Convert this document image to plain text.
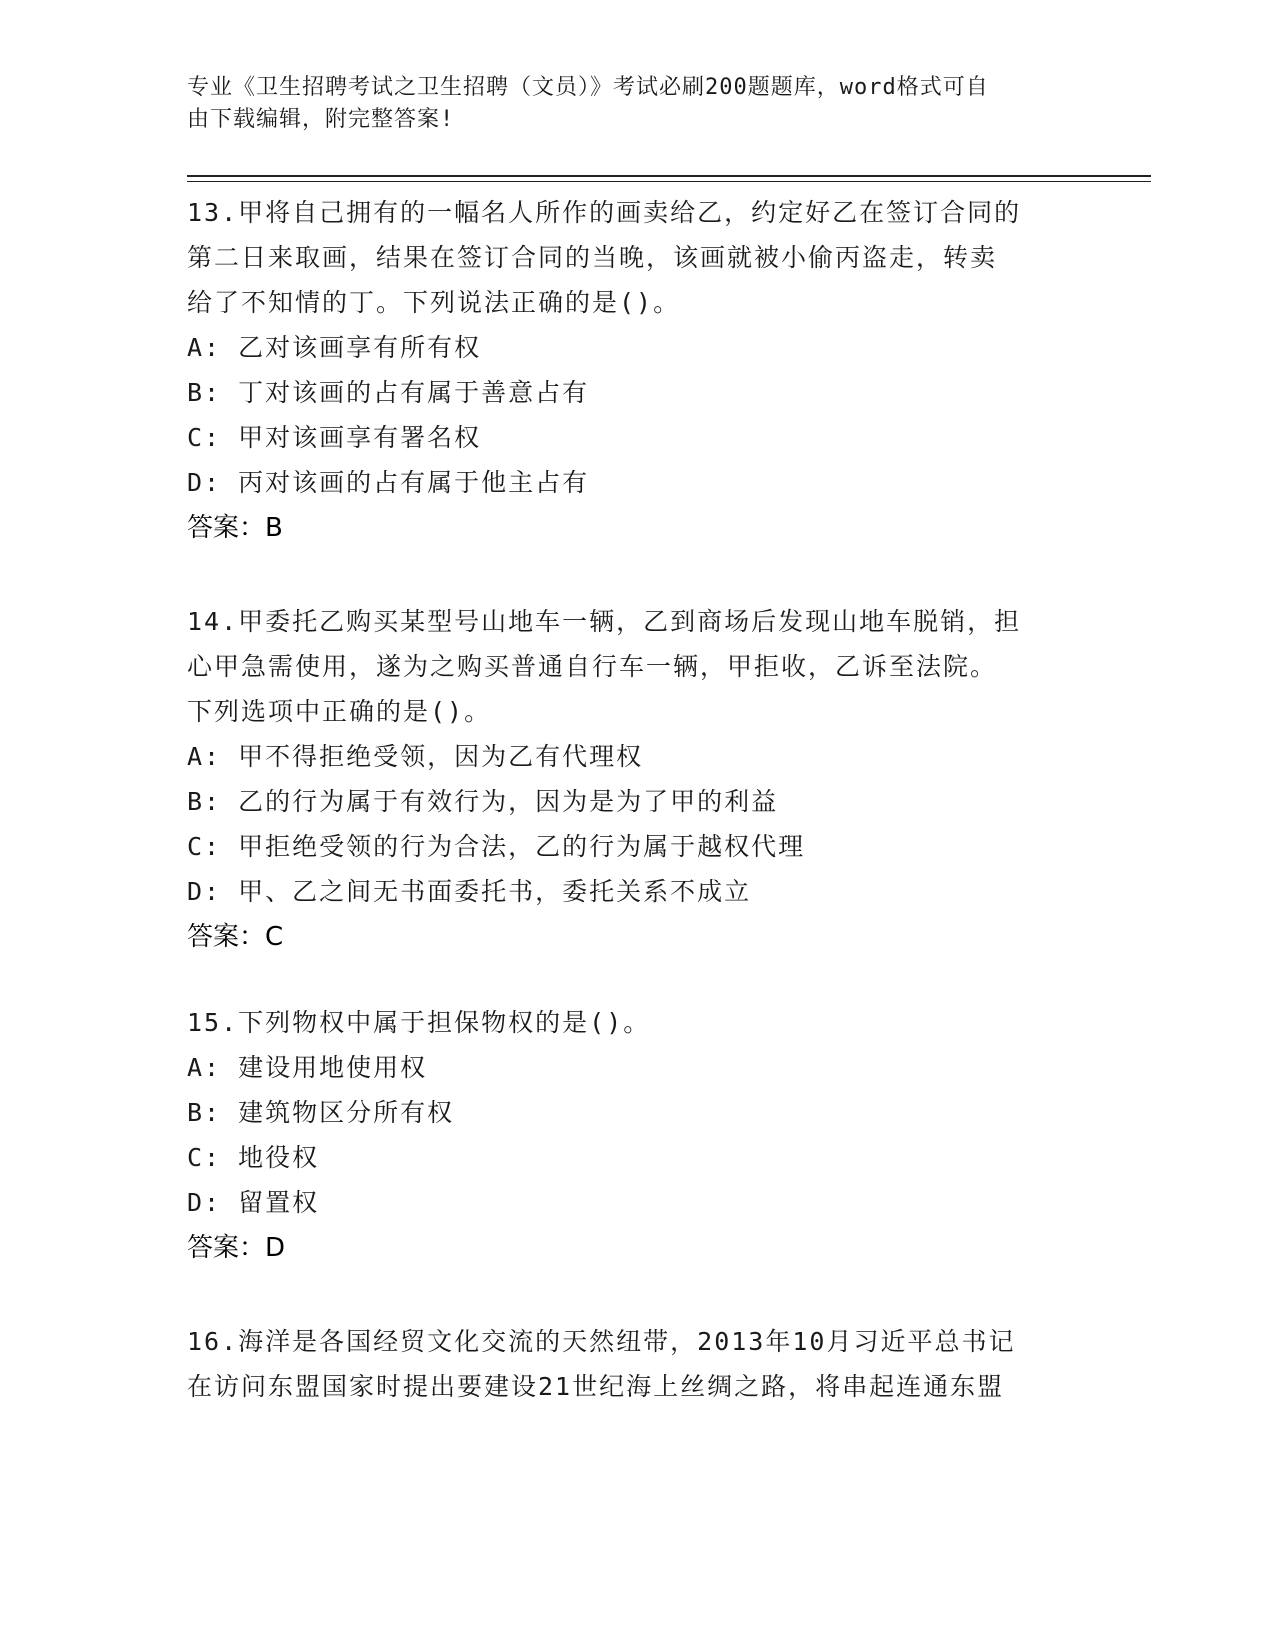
专业《卫生招聘考试之卫生招聘（文员）》考试必刷200题题库，word格式可自
由下载编辑，附完整答案!

13.甲将自己拥有的一幅名人所作的画卖给乙，约定好乙在签订合同的

第二日来取画，结果在签订合同的当晚，该画就被小偷丙盗走，转卖

给了不知情的丁。下列说法正确的是()。

A: 乙对该画享有所有权

B: 丁对该画的占有属于善意占有

C: 甲对该画享有署名权

D: 丙对该画的占有属于他主占有

答案：B

14.甲委托乙购买某型号山地车一辆，乙到商场后发现山地车脱销，担

心甲急需使用，遂为之购买普通自行车一辆，甲拒收，乙诉至法院。

下列选项中正确的是()。

A: 甲不得拒绝受领，因为乙有代理权

B: 乙的行为属于有效行为，因为是为了甲的利益

C: 甲拒绝受领的行为合法，乙的行为属于越权代理

D: 甲、乙之间无书面委托书，委托关系不成立

答案：C

15.下列物权中属于担保物权的是()。

A: 建设用地使用权

B: 建筑物区分所有权

C: 地役权

D: 留置权

答案：D

16.海洋是各国经贸文化交流的天然纽带，2013年10月习近平总书记

在访问东盟国家时提出要建设21世纪海上丝绸之路，将串起连通东盟
